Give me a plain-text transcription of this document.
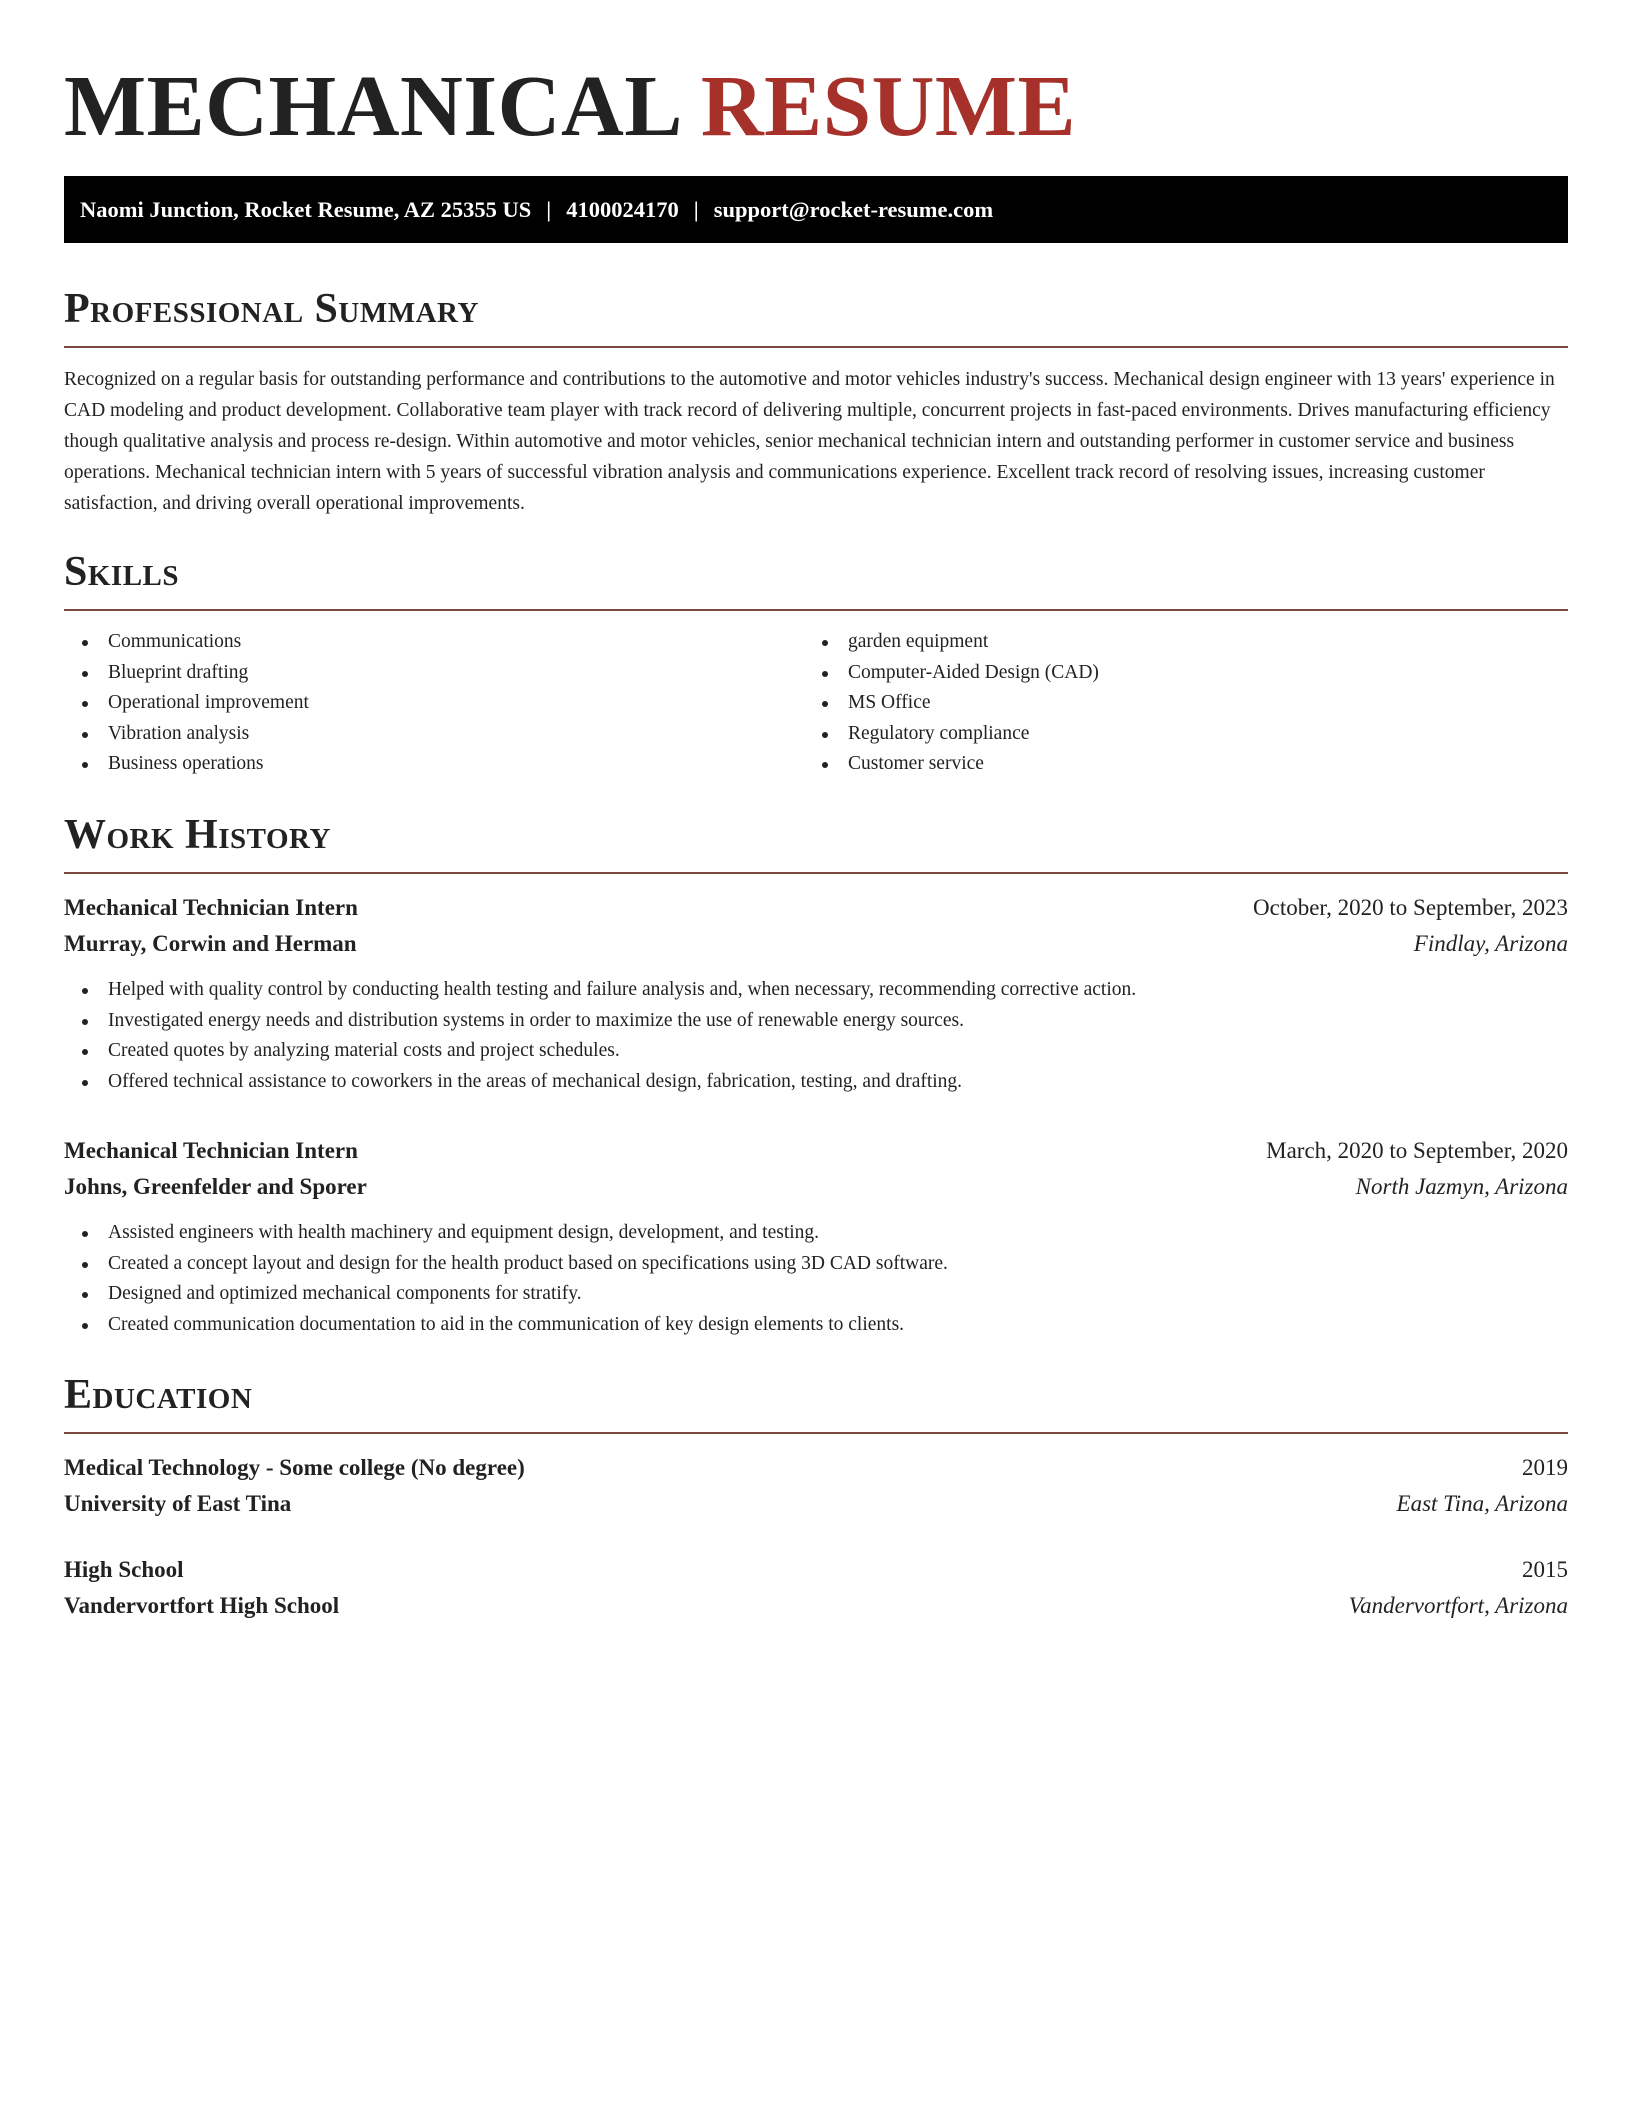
MECHANICAL RESUME
Naomi Junction, Rocket Resume, AZ 25355 US | 4100024170 | support@rocket-resume.com
Professional Summary
Recognized on a regular basis for outstanding performance and contributions to the automotive and motor vehicles industry's success. Mechanical design engineer with 13 years' experience in CAD modeling and product development. Collaborative team player with track record of delivering multiple, concurrent projects in fast-paced environments. Drives manufacturing efficiency though qualitative analysis and process re-design. Within automotive and motor vehicles, senior mechanical technician intern and outstanding performer in customer service and business operations. Mechanical technician intern with 5 years of successful vibration analysis and communications experience. Excellent track record of resolving issues, increasing customer satisfaction, and driving overall operational improvements.
Skills
Communications
Blueprint drafting
Operational improvement
Vibration analysis
Business operations
garden equipment
Computer-Aided Design (CAD)
MS Office
Regulatory compliance
Customer service
Work History
Mechanical Technician Intern	October, 2020 to September, 2023
Murray, Corwin and Herman	Findlay, Arizona
Helped with quality control by conducting health testing and failure analysis and, when necessary, recommending corrective action.
Investigated energy needs and distribution systems in order to maximize the use of renewable energy sources.
Created quotes by analyzing material costs and project schedules.
Offered technical assistance to coworkers in the areas of mechanical design, fabrication, testing, and drafting.
Mechanical Technician Intern	March, 2020 to September, 2020
Johns, Greenfelder and Sporer	North Jazmyn, Arizona
Assisted engineers with health machinery and equipment design, development, and testing.
Created a concept layout and design for the health product based on specifications using 3D CAD software.
Designed and optimized mechanical components for stratify.
Created communication documentation to aid in the communication of key design elements to clients.
Education
Medical Technology - Some college (No degree)	2019
University of East Tina	East Tina, Arizona
High School	2015
Vandervortfort High School	Vandervortfort, Arizona
